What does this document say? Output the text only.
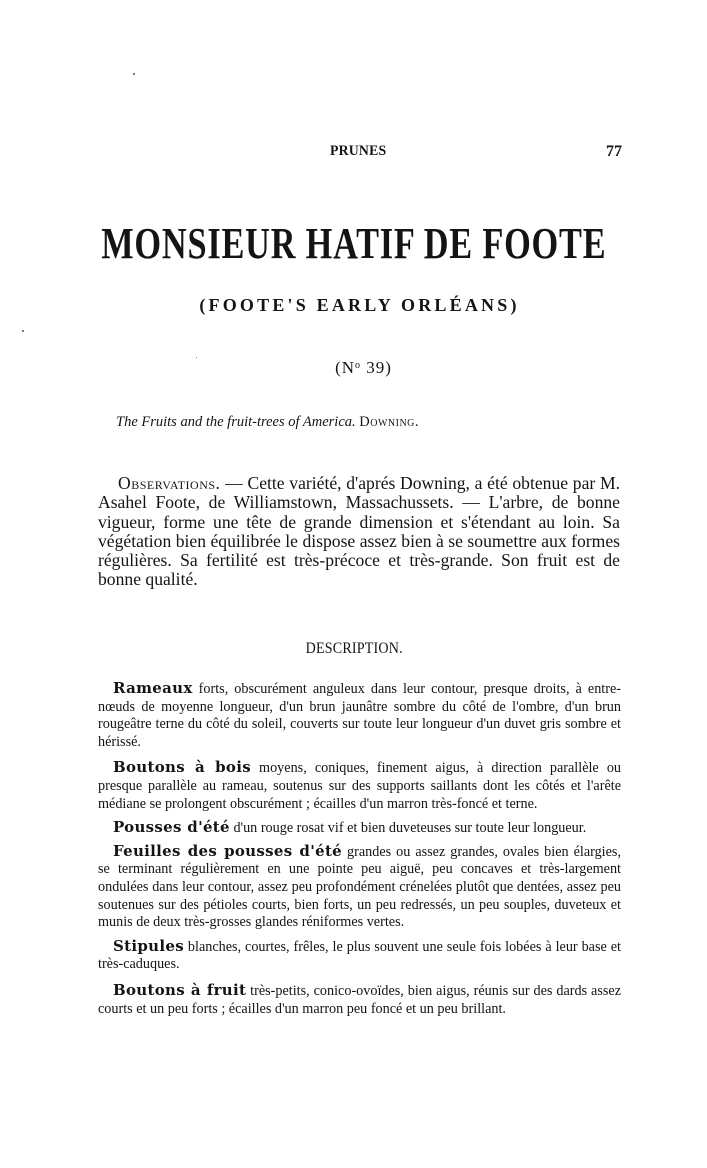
PRUNES	77
MONSIEUR HATIF DE FOOTE
(FOOTE'S EARLY ORLÉANS)
($N^o$ 39)
The Fruits and the fruit-trees of America. Downing.

Observations. — Cette variété, d'aprés Downing, a été obtenue par M. Asahel Foote, de Williamstown, Massachussets. — L'arbre, de bonne vigueur, forme une tête de grande dimension et s'étendant au loin. Sa végétation bien équilibrée le dispose assez bien à se soumettre aux formes régulières. Sa fertilité est très-précoce et très-grande. Son fruit est de bonne qualité.

DESCRIPTION.

Rameaux forts, obscurément anguleux dans leur contour, presque droits, à entre-nœuds de moyenne longueur, d'un brun jaunâtre sombre du côté de l'ombre, d'un brun rougeâtre terne du côté du soleil, couverts sur toute leur longueur d'un duvet gris sombre et hérissé.

Boutons à bois moyens, coniques, finement aigus, à direction parallèle ou presque parallèle au rameau, soutenus sur des supports saillants dont les côtés et l'arête médiane se prolongent obscurément ; écailles d'un marron très-foncé et terne.

Pousses d'été d'un rouge rosat vif et bien duveteuses sur toute leur longueur.

Feuilles des pousses d'été grandes ou assez grandes, ovales bien élargies, se terminant régulièrement en une pointe peu aiguë, peu concaves et très-largement ondulées dans leur contour, assez peu profondément crénelées plutôt que dentées, assez peu soutenues sur des pétioles courts, bien forts, un peu redressés, un peu souples, duveteux et munis de deux très-grosses glandes réniformes vertes.

Stipules blanches, courtes, frêles, le plus souvent une seule fois lobées à leur base et très-caduques.

Boutons à fruit très-petits, conico-ovoïdes, bien aigus, réunis sur des dards assez courts et un peu forts ; écailles d'un marron peu foncé et un peu brillant.
